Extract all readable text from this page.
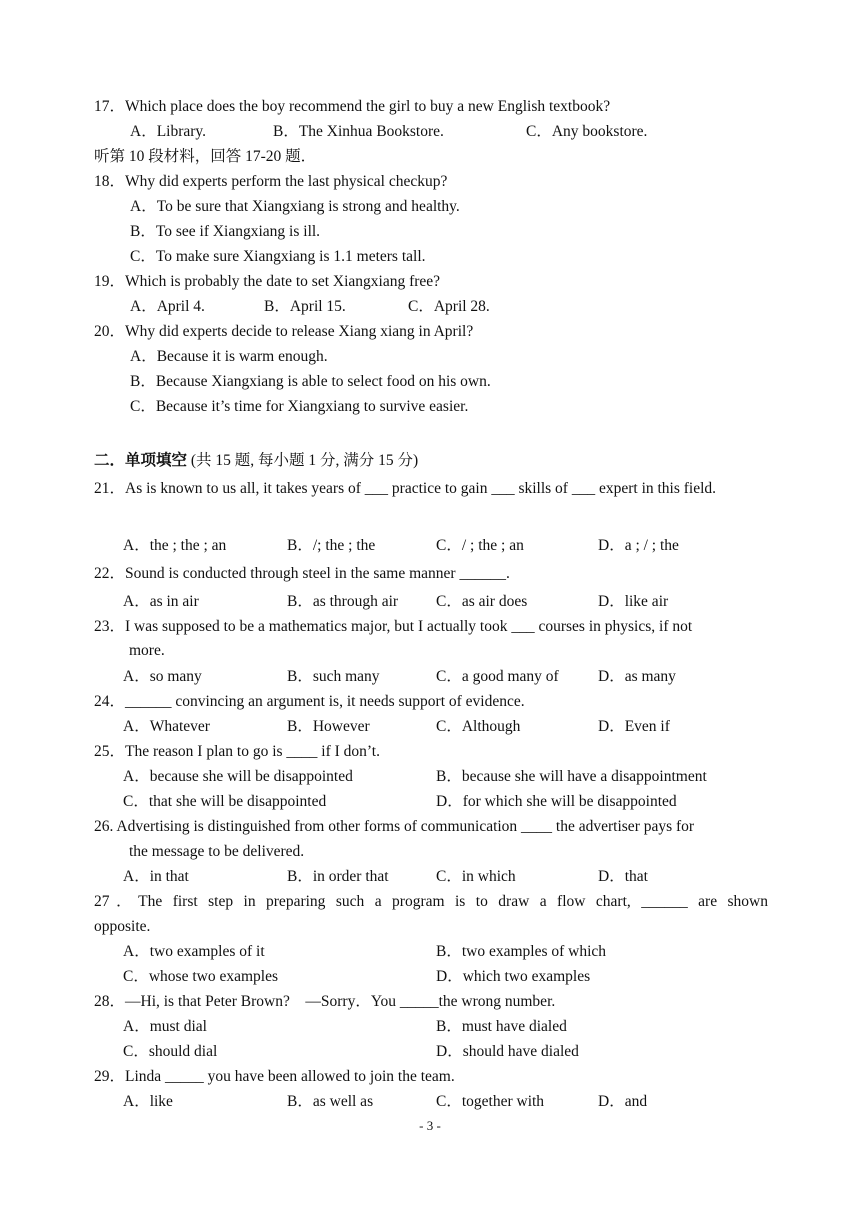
17．Which place does the boy recommend the girl to buy a new English textbook?
A．Library.	B．The Xinhua Bookstore.	C．Any bookstore.
听第 10 段材料，回答 17-20 题．
18．Why did experts perform the last physical checkup?
A．To be sure that Xiangxiang is strong and healthy.
B．To see if Xiangxiang is ill.
C．To make sure Xiangxiang is 1.1 meters tall.
19．Which is probably the date to set Xiangxiang free?
A．April 4.	B．April 15.	C．April 28.
20．Why did experts decide to release Xiang xiang in April?
A．Because it is warm enough.
B．Because Xiangxiang is able to select food on his own.
C．Because it’s time for Xiangxiang to survive easier.
二．单项填空 (共 15 题, 每小题 1 分, 满分 15 分)
21．As is known to us all, it takes years of ___ practice to gain ___ skills of ___ expert in this field.
A．the ; the ; an	B．/; the ; the	C．/ ; the ; an	D．a ; / ; the
22．Sound is conducted through steel in the same manner ______.
A．as in air	B．as through air C．as air does	D．like air
23．I was supposed to be a mathematics major, but I actually took ___ courses in physics, if not
more.
A．so many	B．such many	C．a good many of	D．as many
24．______ convincing an argument is, it needs support of evidence.
A．Whatever	B．However	C．Although	D．Even if
25．The reason I plan to go is ____ if I don’t.
A．because she will be disappointed	B．because she will have a disappointment
C．that she will be disappointed	D．for which she will be disappointed
26. Advertising is distinguished from other forms of communication ____ the advertiser pays for
the message to be delivered.
A．in that	B．in order that	C．in which	D．that
27．The first step in preparing such a program is to draw a flow chart, ______ are shown
opposite.
A．two examples of it	B．two examples of which
C．whose two examples	D．which two examples
28．—Hi, is that Peter Brown?　—Sorry．You _____the wrong number.
A．must dial	B．must have dialed
C．should dial	D．should have dialed
29．Linda _____ you have been allowed to join the team.
A．like	B．as well as	C．together with	D．and
- 3 -
